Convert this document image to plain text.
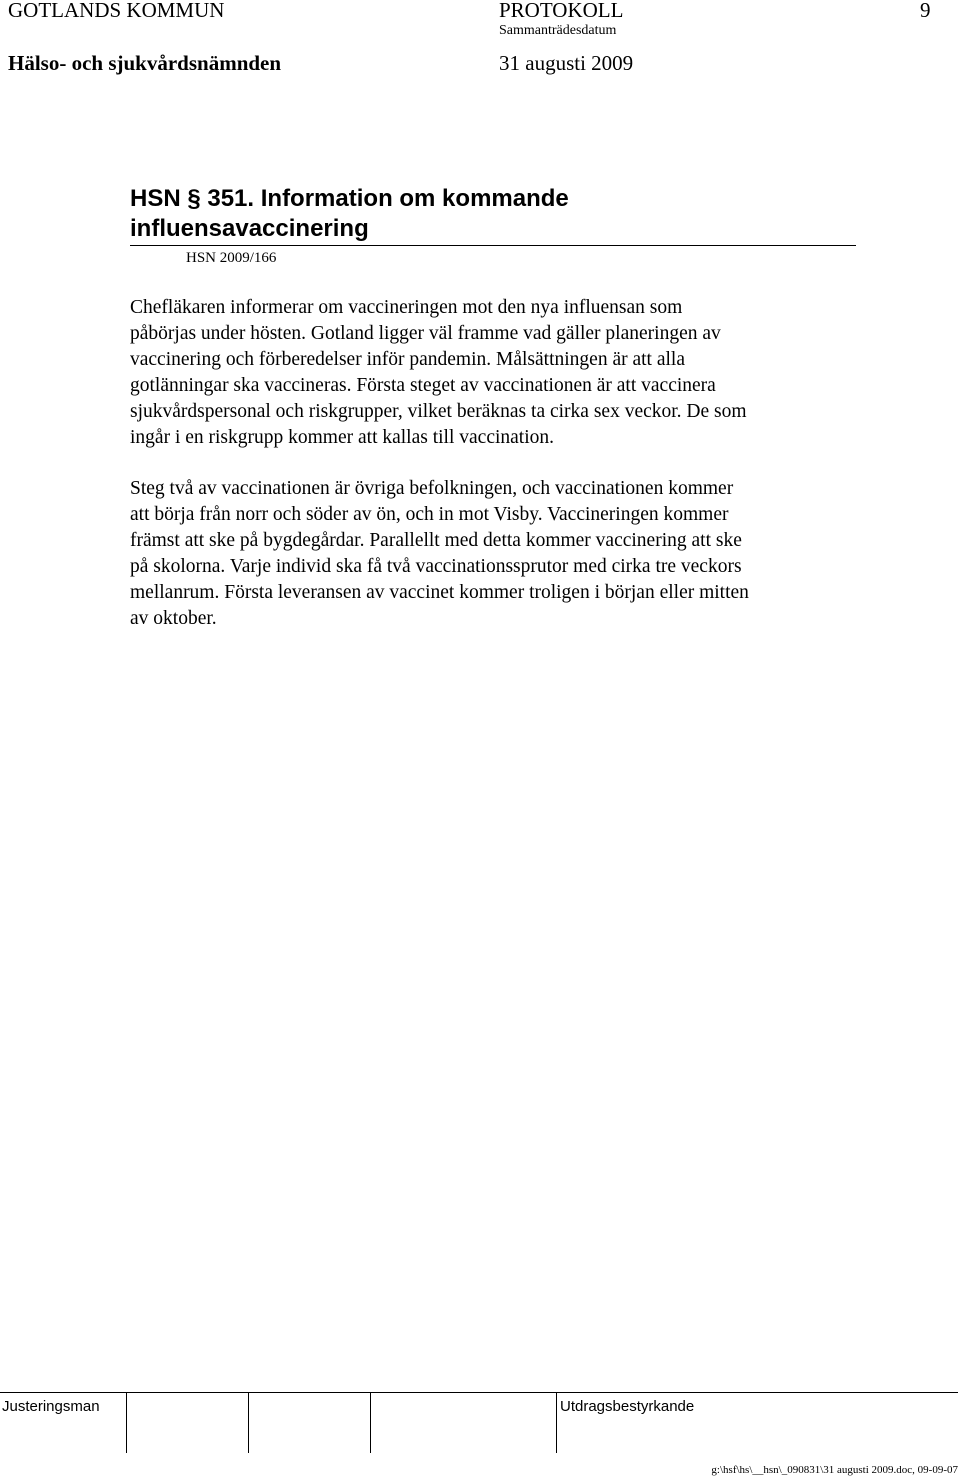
GOTLANDS KOMMUN	PROTOKOLL	9
Sammanträdesdatum
Hälso- och sjukvårdsnämnden	31 augusti 2009
HSN § 351. Information om kommande
influensavaccinering
HSN 2009/166
Chefläkaren informerar om vaccineringen mot den nya influensan som
påbörjas under hösten. Gotland ligger väl framme vad gäller planeringen av
vaccinering och förberedelser inför pandemin. Målsättningen är att alla
gotlänningar ska vaccineras. Första steget av vaccinationen är att vaccinera
sjukvårdspersonal och riskgrupper, vilket beräknas ta cirka sex veckor. De som
ingår i en riskgrupp kommer att kallas till vaccination.
Steg två av vaccinationen är övriga befolkningen, och vaccinationen kommer
att börja från norr och söder av ön, och in mot Visby. Vaccineringen kommer
främst att ske på bygdegårdar. Parallellt med detta kommer vaccinering att ske
på skolorna. Varje individ ska få två vaccinationssprutor med cirka tre veckors
mellanrum. Första leveransen av vaccinet kommer troligen i början eller mitten
av oktober.
Justeringsman	Utdragsbestyrkande
g:\hsf\hs\__hsn\_090831\31 augusti 2009.doc, 09-09-07
